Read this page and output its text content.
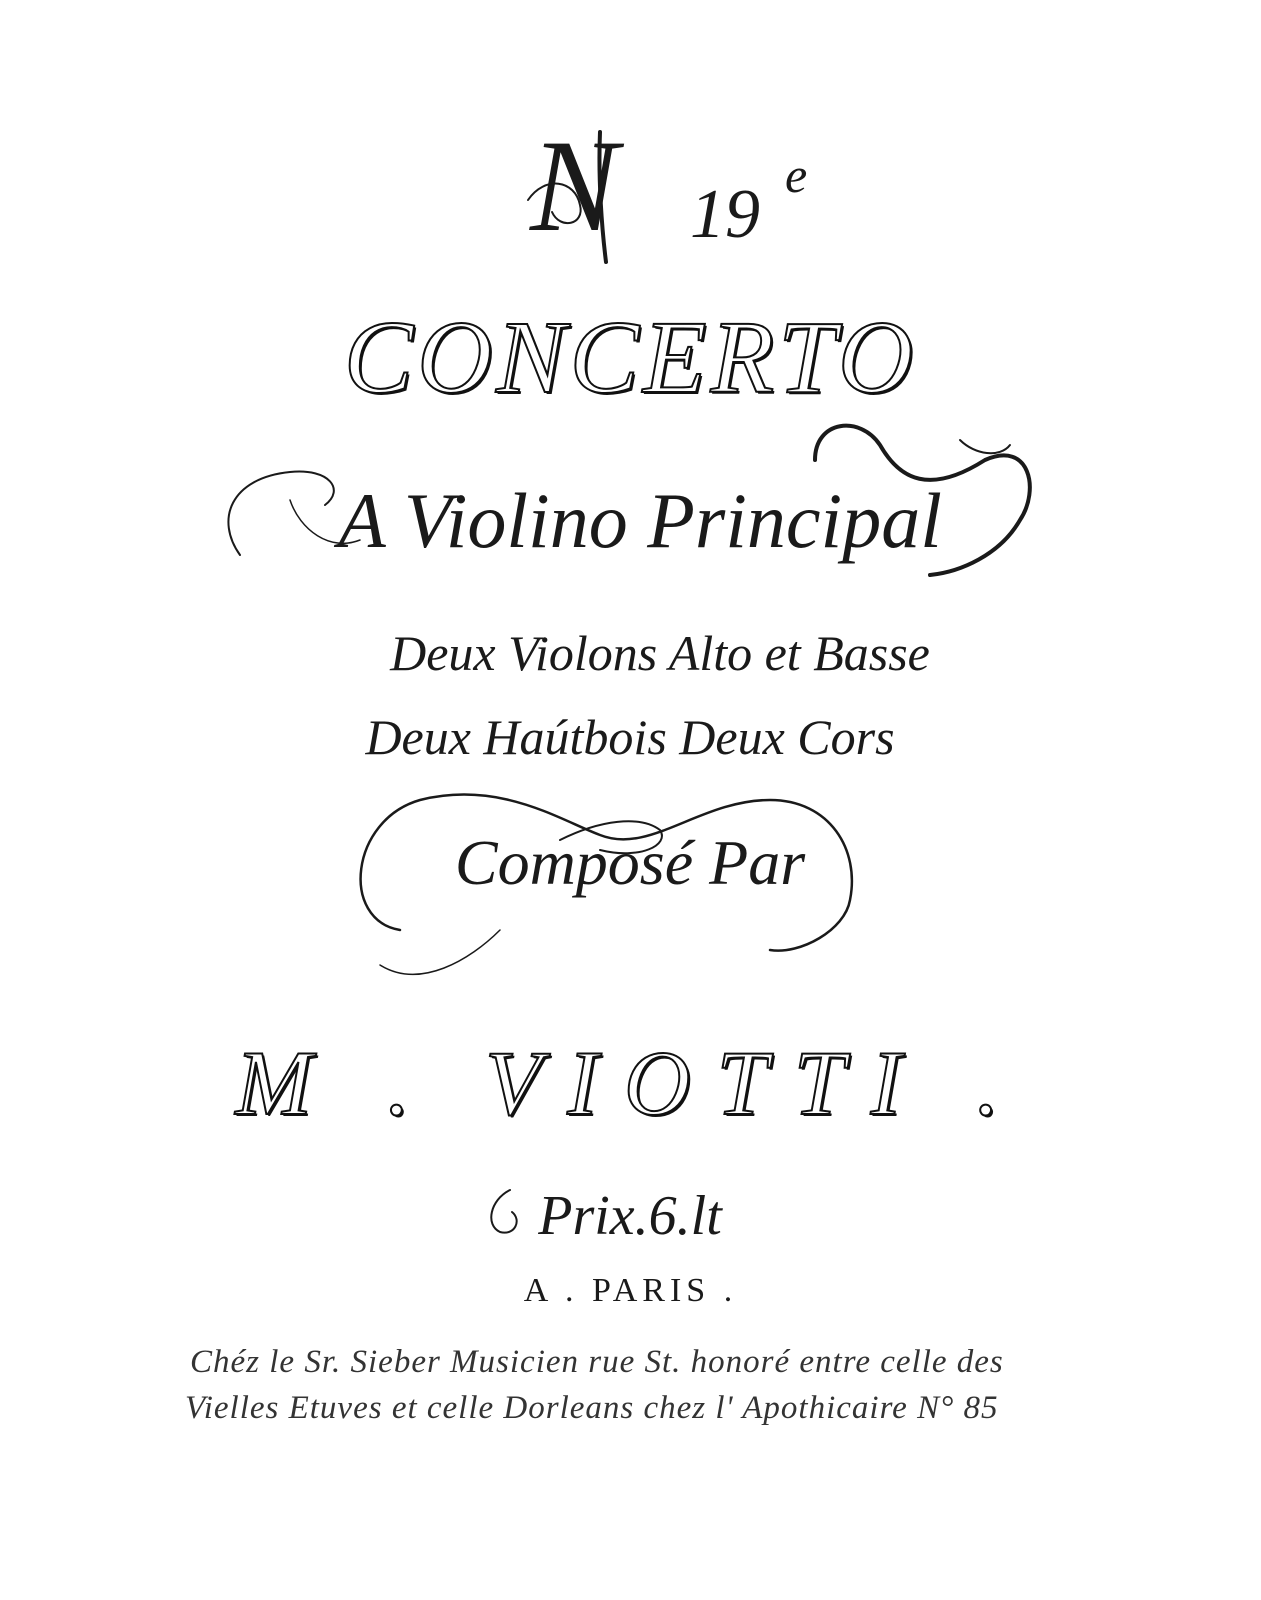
N 19
e
CONCERTO
A Violino Principal
Deux Violons Alto et Basse
Deux Haútbois Deux Cors
Composé Par
M . VIOTTI .
Prix.6.lt
A . PARIS .
Chéz le Sr. Sieber Musicien rue St. honoré entre celle des
Vielles Etuves et celle Dorleans chez l' Apothicaire N° 85
